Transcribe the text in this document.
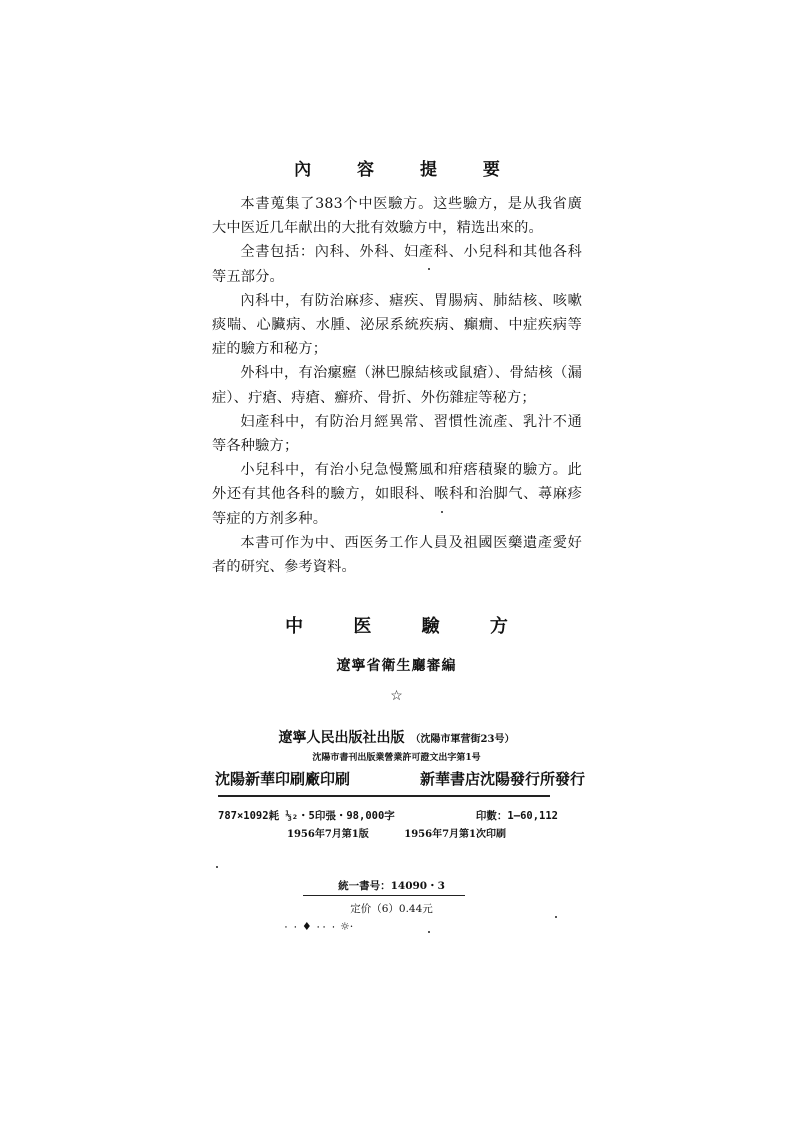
內 容 提 要

本書蒐集了383个中医驗方。这些驗方，是从我省廣大中医近几年献出的大批有效驗方中，精选出來的。

全書包括：內科、外科、妇產科、小兒科和其他各科等五部分。

內科中，有防治麻疹、瘧疾、胃腸病、肺結核、咳嗽痰喘、心臟病、水腫、泌尿系統疾病、癲癇、中症疾病等症的驗方和秘方；

外科中，有治瘰癧（淋巴腺結核或鼠瘡）、骨結核（漏症）、疔瘡、痔瘡、癬疥、骨折、外伤雜症等秘方；

妇產科中，有防治月經異常、習慣性流產、乳汁不通等各种驗方；

小兒科中，有治小兒急慢驚風和疳瘩積聚的驗方。此外还有其他各科的驗方，如眼科、喉科和治脚气、蕁麻疹等症的方剂多种。

本書可作为中、西医务工作人員及祖國医藥遺產愛好者的研究、參考資料。

中 医 驗 方
遼寧省衛生廳審編
☆
遼寧人民出版社出版 （沈陽市軍营街23号）
沈陽市書刊出版業營業許可證文出字第1号
沈陽新華印刷廠印刷	新華書店沈陽發行所發行
787×1092耗 ⅓₂・5印張・98,000字	印數：1—60,112
1956年7月第1版	1956年7月第1次印刷
統一書号：14090・3
定价（6）0.44元
٠ ٠٠ ♦ ٠ ٠ ☼·
